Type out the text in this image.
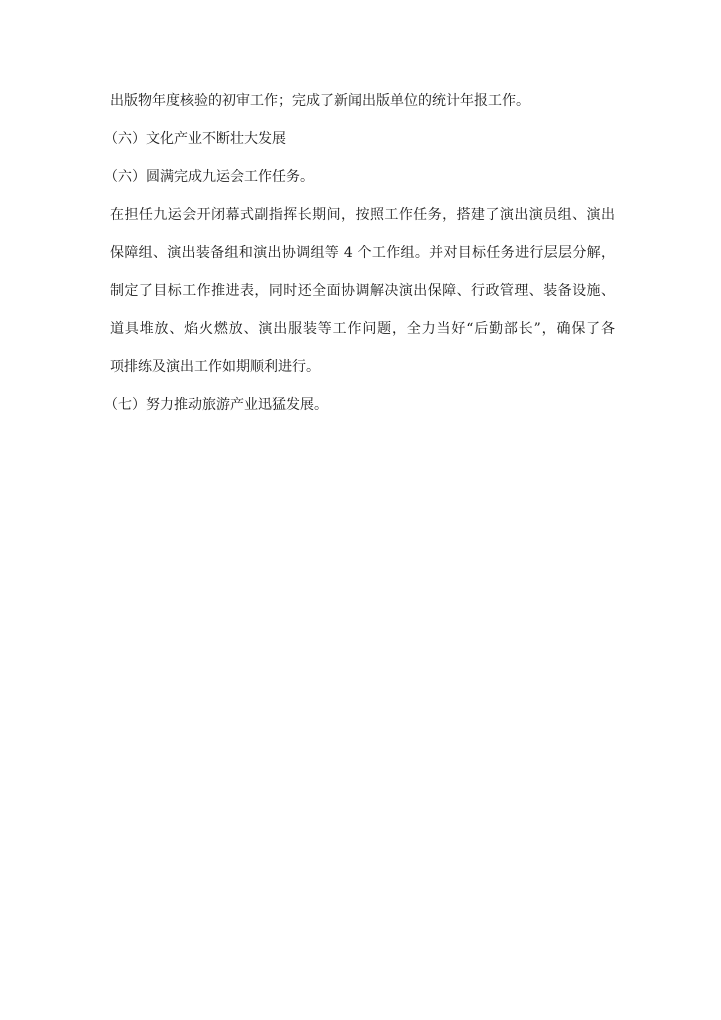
出版物年度核验的初审工作；完成了新闻出版单位的统计年报工作。
（六）文化产业不断壮大发展
（六）圆满完成九运会工作任务。
在担任九运会开闭幕式副指挥长期间，按照工作任务，搭建了演出演员组、演出
保障组、演出装备组和演出协调组等 4 个工作组。并对目标任务进行层层分解，
制定了目标工作推进表，同时还全面协调解决演出保障、行政管理、装备设施、
道具堆放、焰火燃放、演出服装等工作问题，全力当好“后勤部长”，确保了各
项排练及演出工作如期顺利进行。
（七）努力推动旅游产业迅猛发展。
